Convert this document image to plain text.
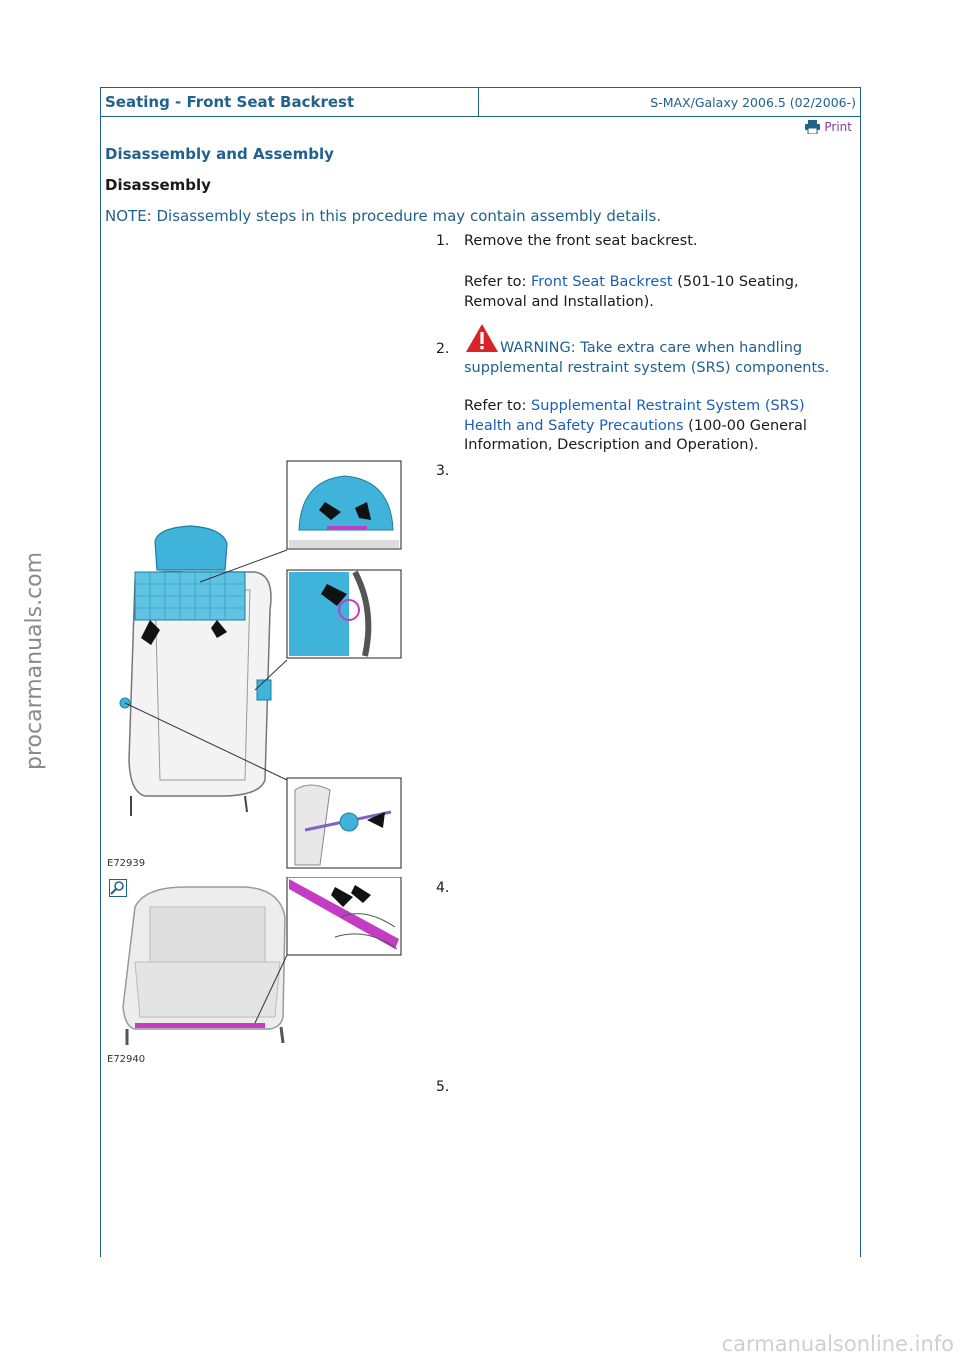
procarmanuals.com
carmanualsonline.info
Seating - Front Seat Backrest	S-MAX/Galaxy 2006.5 (02/2006-)
Print
Disassembly and Assembly
Disassembly
NOTE: Disassembly steps in this procedure may contain assembly details.
1. Remove the front seat backrest.
Refer to: Front Seat Backrest (501-10 Seating, Removal and Installation).
2.	WARNING: Take extra care when handling supplemental restraint system (SRS) components.
Refer to: Supplemental Restraint System (SRS) Health and Safety Precautions (100-00 General Information, Description and Operation).
3.
4.
5.
E72939
E72940
